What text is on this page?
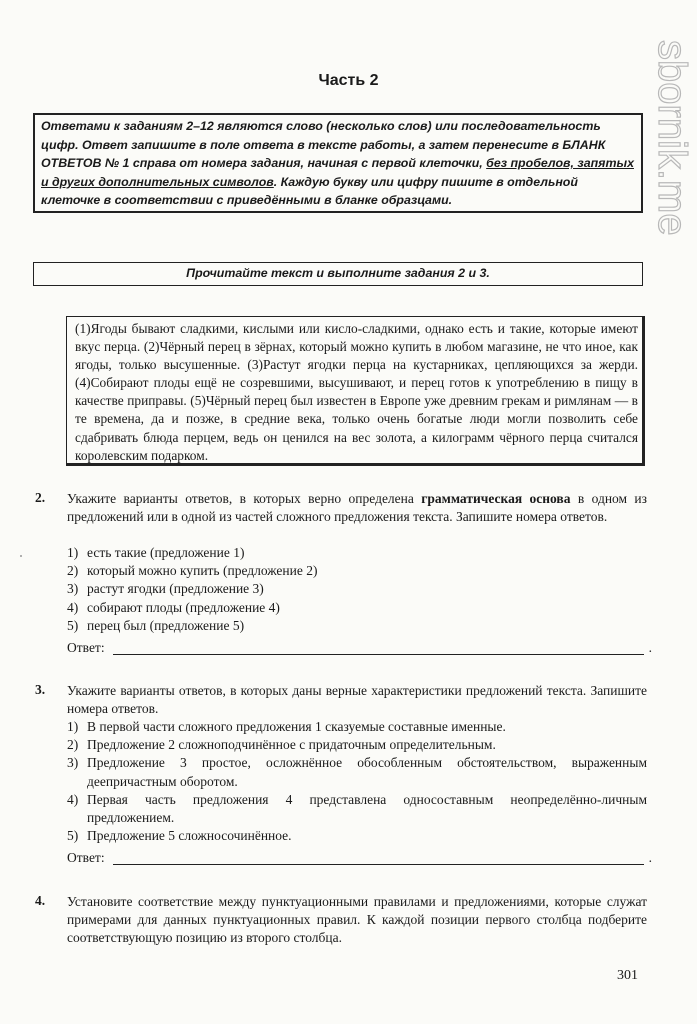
Часть 2

Ответами к заданиям 2–12 являются слово (несколько слов) или последовательность цифр. Ответ запишите в поле ответа в тексте работы, а затем перенесите в БЛАНК ОТВЕТОВ № 1 справа от номера задания, начиная с первой клеточки, без пробелов, запятых и других дополнительных символов. Каждую букву или цифру пишите в отдельной клеточке в соответствии с приведёнными в бланке образцами.

Прочитайте текст и выполните задания 2 и 3.

(1)Ягоды бывают сладкими, кислыми или кисло-сладкими, однако есть и такие, которые имеют вкус перца. (2)Чёрный перец в зёрнах, который можно купить в любом магазине, не что иное, как ягоды, только высушенные. (3)Растут ягодки перца на кустарниках, цепляющихся за жерди. (4)Собирают плоды ещё не созревшими, высушивают, и перец готов к употреблению в пищу в качестве приправы. (5)Чёрный перец был известен в Европе уже древним грекам и римлянам — в те времена, да и позже, в средние века, только очень богатые люди могли позволить себе сдабривать блюда перцем, ведь он ценился на вес золота, а килограмм чёрного перца считался королевским подарком.

2. Укажите варианты ответов, в которых верно определена грамматическая основа в одном из предложений или в одной из частей сложного предложения текста. Запишите номера ответов.

1) есть такие (предложение 1)
2) который можно купить (предложение 2)
3) растут ягодки (предложение 3)
4) собирают плоды (предложение 4)
5) перец был (предложение 5)
Ответ:	.
3. Укажите варианты ответов, в которых даны верные характеристики предложений текста. Запишите номера ответов.

1) В первой части сложного предложения 1 сказуемые составные именные.
2) Предложение 2 сложноподчинённое с придаточным определительным.
3) Предложение 3 простое, осложнённое обособленным обстоятельством, выраженным деепричастным оборотом.
4) Первая часть предложения 4 представлена односоставным неопределённо-личным предложением.
5) Предложение 5 сложносочинённое.
Ответ:	.
4. Установите соответствие между пунктуационными правилами и предложениями, которые служат примерами для данных пунктуационных правил. К каждой позиции первого столбца подберите соответствующую позицию из второго столбца.

301
sbornik.me
